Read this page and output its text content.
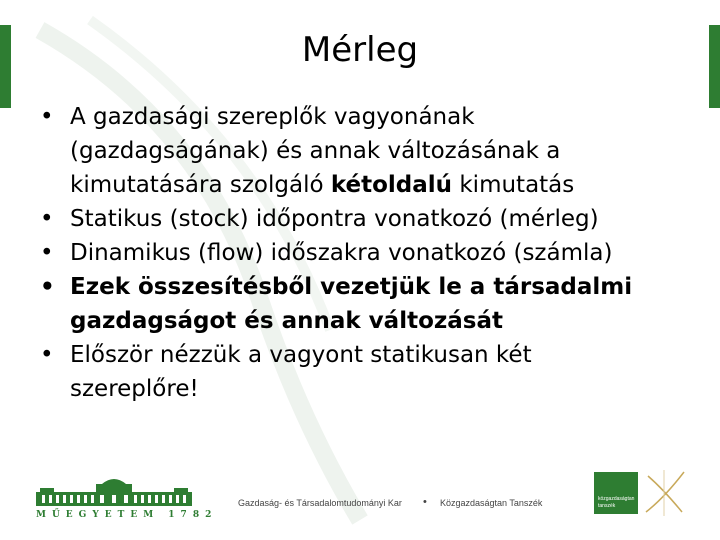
Mérleg
• A gazdasági szereplők vagyonának
(gazdagságának) és annak változásának a
kimutatására szolgáló kétoldalú kimutatás
• Statikus (stock) időpontra vonatkozó (mérleg)
• Dinamikus (flow) időszakra vonatkozó (számla)
• Ezek összesítésből vezetjük le a társadalmi
gazdagságot és annak változását
• Először nézzük a vagyont statikusan két
szereplőre!
MŰEGYETEM 1782
Gazdaság- és Társadalomtudományi Kar • Közgazdaságtan Tanszék	közgazdaságtan
tanszék
